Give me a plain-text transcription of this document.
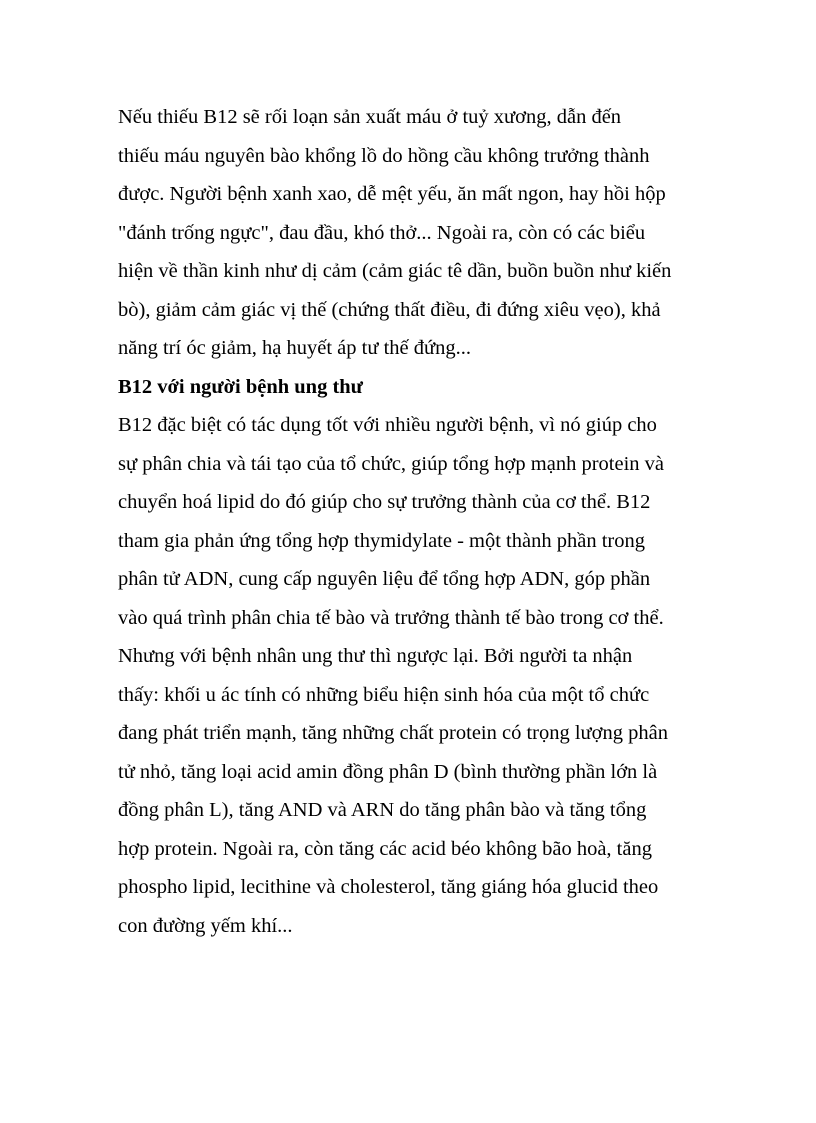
Nếu thiếu B12 sẽ rối loạn sản xuất máu ở tuỷ xương, dẫn đến
thiếu máu nguyên bào khổng lồ do hồng cầu không trưởng thành
được. Người bệnh xanh xao, dễ mệt yếu, ăn mất ngon, hay hồi hộp
"đánh trống ngực", đau đầu, khó thở... Ngoài ra, còn có các biểu
hiện về thần kinh như dị cảm (cảm giác tê dần, buồn buồn như kiến
bò), giảm cảm giác vị thế (chứng thất điều, đi đứng xiêu vẹo), khả
năng trí óc giảm, hạ huyết áp tư thế đứng...
B12 với người bệnh ung thư
B12 đặc biệt có tác dụng tốt với nhiều người bệnh, vì nó giúp cho
sự phân chia và tái tạo của tổ chức, giúp tổng hợp mạnh protein và
chuyển hoá lipid do đó giúp cho sự trưởng thành của cơ thể. B12
tham gia phản ứng tổng hợp thymidylate - một thành phần trong
phân tử ADN, cung cấp nguyên liệu để tổng hợp ADN, góp phần
vào quá trình phân chia tế bào và trưởng thành tế bào trong cơ thể.
Nhưng với bệnh nhân ung thư thì ngược lại. Bởi người ta nhận
thấy: khối u ác tính có những biểu hiện sinh hóa của một tổ chức
đang phát triển mạnh, tăng những chất protein có trọng lượng phân
tử nhỏ, tăng loại acid amin đồng phân D (bình thường phần lớn là
đồng phân L), tăng AND và ARN do tăng phân bào và tăng tổng
hợp protein. Ngoài ra, còn tăng các acid béo không bão hoà, tăng
phospho lipid, lecithine và cholesterol, tăng giáng hóa glucid theo
con đường yếm khí...
